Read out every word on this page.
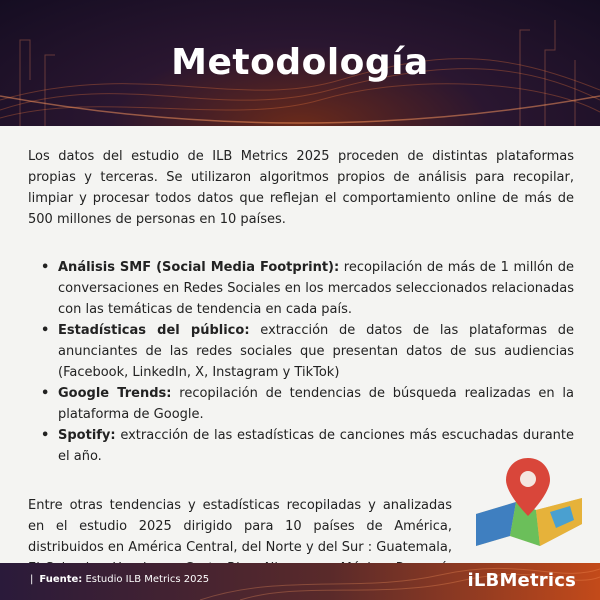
Metodología

Los datos del estudio de ILB Metrics 2025 proceden de distintas plataformas propias y terceras. Se utilizaron algoritmos propios de análisis para recopilar, limpiar y procesar todos datos que reflejan el comportamiento online de más de 500 millones de personas en 10 países.

• Análisis SMF (Social Media Footprint): recopilación de más de 1 millón de conversaciones en Redes Sociales en los mercados seleccionados relacionadas con las temáticas de tendencia en cada país.
• Estadísticas del público: extracción de datos de las plataformas de anunciantes de las redes sociales que presentan datos de sus audiencias (Facebook, LinkedIn, X, Instagram y TikTok)
• Google Trends: recopilación de tendencias de búsqueda realizadas en la plataforma de Google.
• Spotify: extracción de las estadísticas de canciones más escuchadas durante el año.

Entre otras tendencias y estadísticas recopiladas y analizadas en el estudio 2025 dirigido para 10 países de América, distribuidos en América Central, del Norte y del Sur : Guatemala,

| Fuente: Estudio ILB Metrics 2025	iLBMetrics
